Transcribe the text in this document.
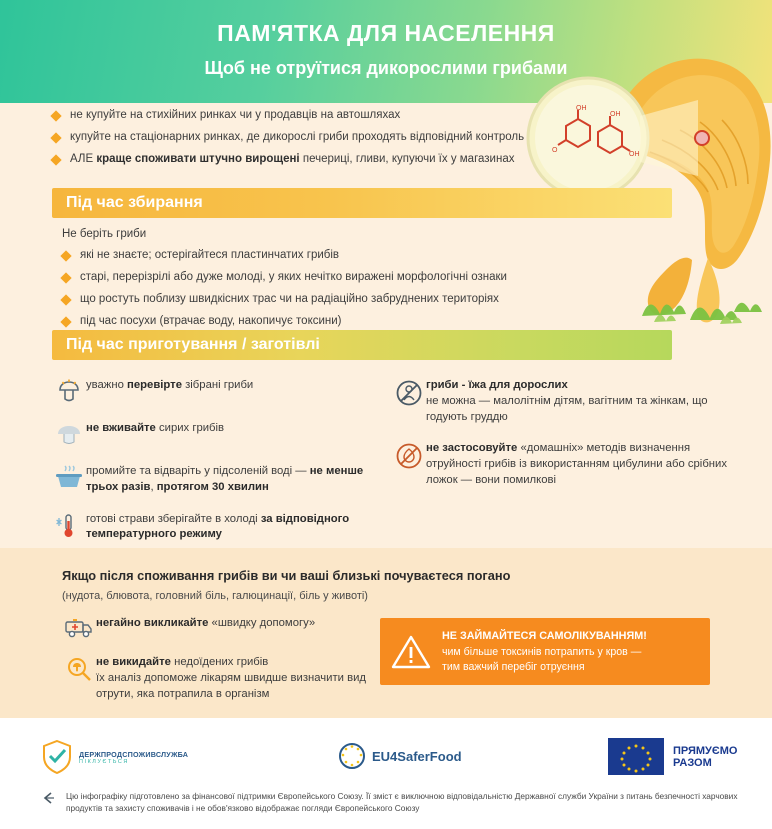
ПАМ'ЯТКА ДЛЯ НАСЕЛЕННЯ
Щоб не отруїтися дикорослими грибами
OH
OH
O
OH
не купуйте на стихійних ринках чи у продавців на автошляхах
купуйте на стаціонарних ринках, де дикорослі гриби проходять відповідний контроль
АЛЕ краще споживати штучно вирощені печериці, гливи, купуючи їх у магазинах
Під час збирання
Не беріть гриби
які не знаєте; остерігайтеся пластинчатих грибів
старі, перерізрілі або дуже молоді, у яких нечітко виражені морфологічні ознаки
що ростуть поблизу швидкісних трас чи на радіаційно забруднених територіях
під час посухи (втрачає воду, накопичує токсини)
Під час приготування / заготівлі
уважно перевірте зібрані гриби
не вживайте сирих грибів
промийте та відваріть у підсоленій воді — не менше трьох разів, протягом 30 хвилин
готові страви зберігайте в холоді за відповідного температурного режиму
гриби - їжа для дорослих
не можна — малолітнім дітям, вагітним та жінкам, що годують груддю
не застосовуйте «домашніх» методів визначення отруйності грибів із використанням цибулини або срібних ложок — вони помилкові
Якщо після споживання грибів ви чи ваші близькі почуваєтеся погано
(нудота, блювота, головний біль, галюцинації, біль у животі)
негайно викликайте «швидку допомогу»
не викидайте недоїдених грибів
їх аналіз допоможе лікарям швидше визначити вид отрути, яка потрапила в організм
НЕ ЗАЙМАЙТЕСЯ САМОЛІКУВАННЯМ!
чим більше токсинів потрапить у кров —
тим важчий перебіг отруєння
ДЕРЖПРОДСПОЖИВСЛУЖБА
ПІКЛУЄТЬСЯ	EU4SaferFood	ПРЯМУЄМО
РАЗОМ
Цю інфографіку підготовлено за фінансової підтримки Європейського Союзу. Її зміст є виключною відповідальністю Державної служби України з питань безпечності харчових продуктів та захисту споживачів і не обов'язково відображає погляди Європейського Союзу
